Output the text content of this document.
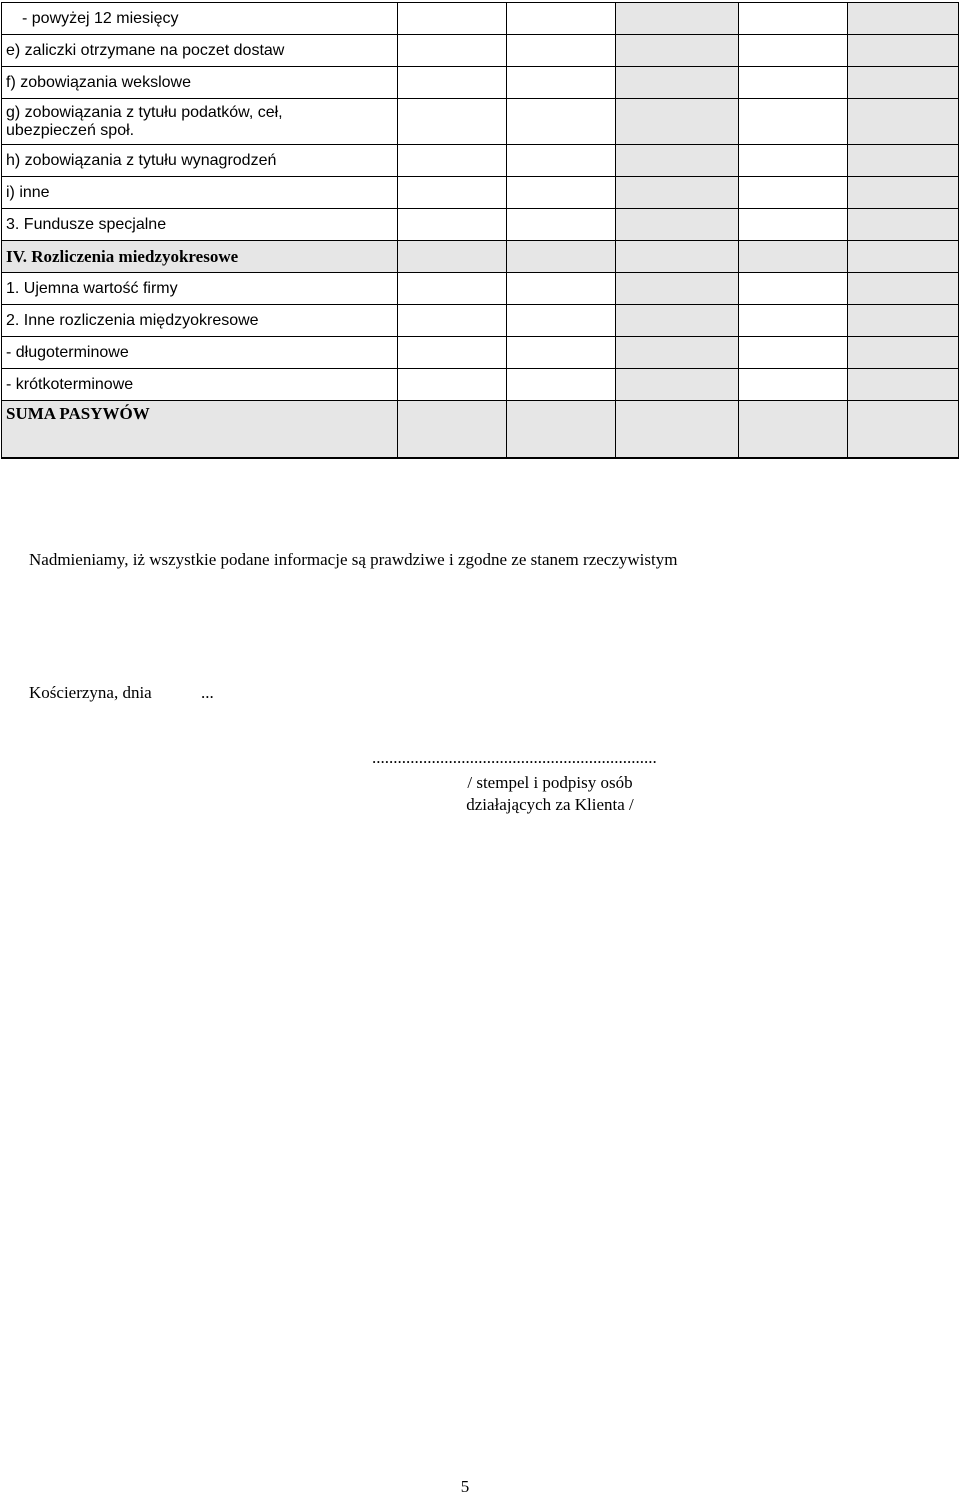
- powyżej 12 miesięcy					
e) zaliczki otrzymane na poczet dostaw					
f) zobowiązania wekslowe					
g) zobowiązania z tytułu podatków, ceł, ubezpieczeń społ.					
h) zobowiązania z tytułu wynagrodzeń					
i) inne					
3. Fundusze specjalne					
IV. Rozliczenia miedzyokresowe					
1. Ujemna wartość firmy					
2. Inne rozliczenia międzyokresowe					
- długoterminowe					
- krótkoterminowe					
SUMA PASYWÓW					
Nadmieniamy, iż wszystkie podane informacje są prawdziwe i zgodne ze stanem rzeczywistym
Kościerzyna, dnia	...
...................................................................
/ stempel i podpisy osób
działających za Klienta /
5
